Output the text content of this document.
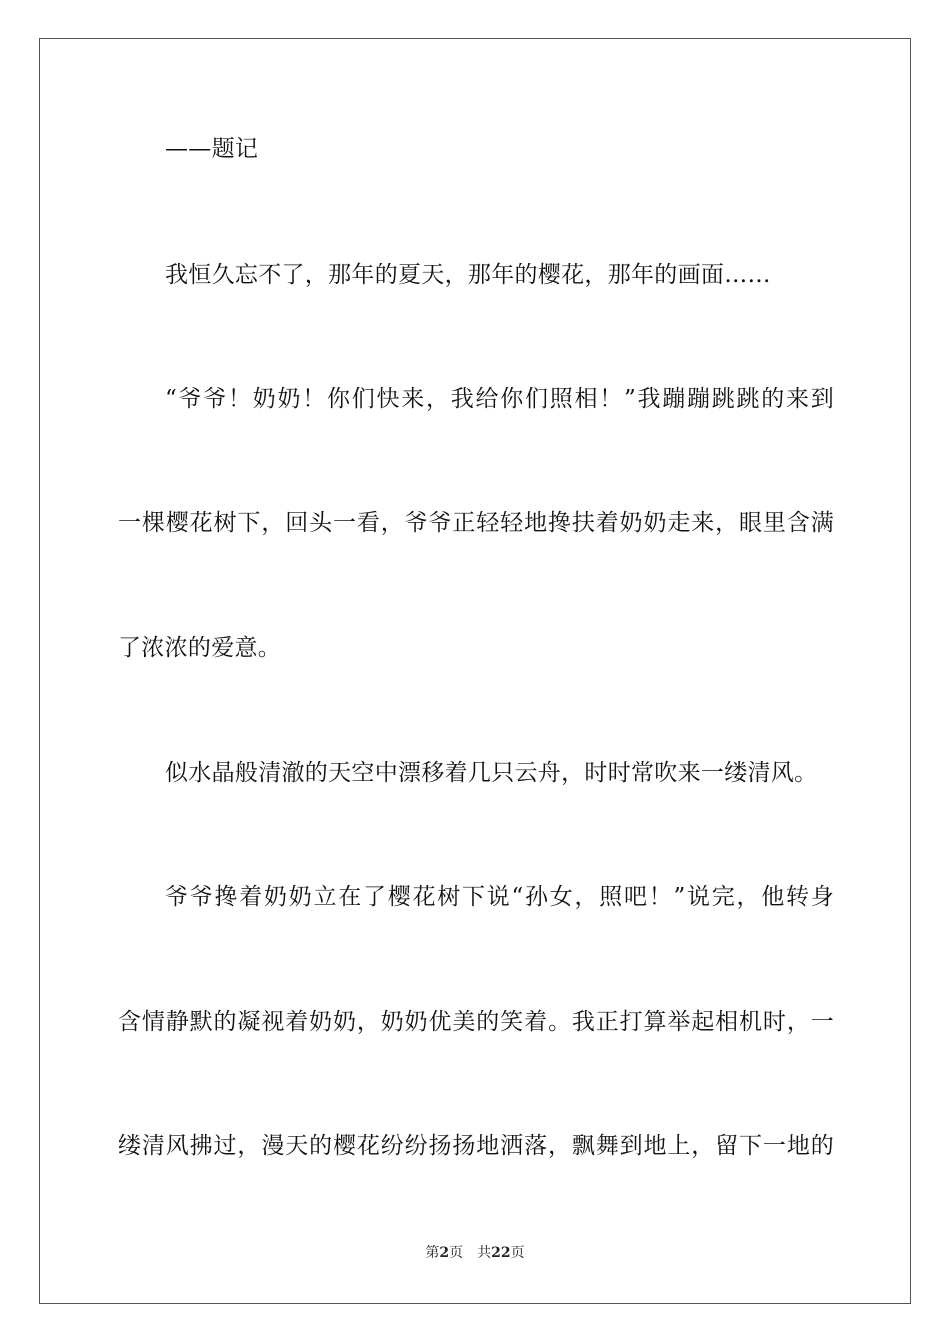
——题记
我恒久忘不了，那年的夏天，那年的樱花，那年的画面……
“爷爷！奶奶！你们快来，我给你们照相！”我蹦蹦跳跳的来到
一棵樱花树下，回头一看，爷爷正轻轻地搀扶着奶奶走来，眼里含满
了浓浓的爱意。
似水晶般清澈的天空中漂移着几只云舟，时时常吹来一缕清风。
爷爷搀着奶奶立在了樱花树下说“孙女，照吧！”说完，他转身
含情静默的凝视着奶奶，奶奶优美的笑着。我正打算举起相机时，一
缕清风拂过，漫天的樱花纷纷扬扬地洒落，飘舞到地上，留下一地的
第2页 共22页
